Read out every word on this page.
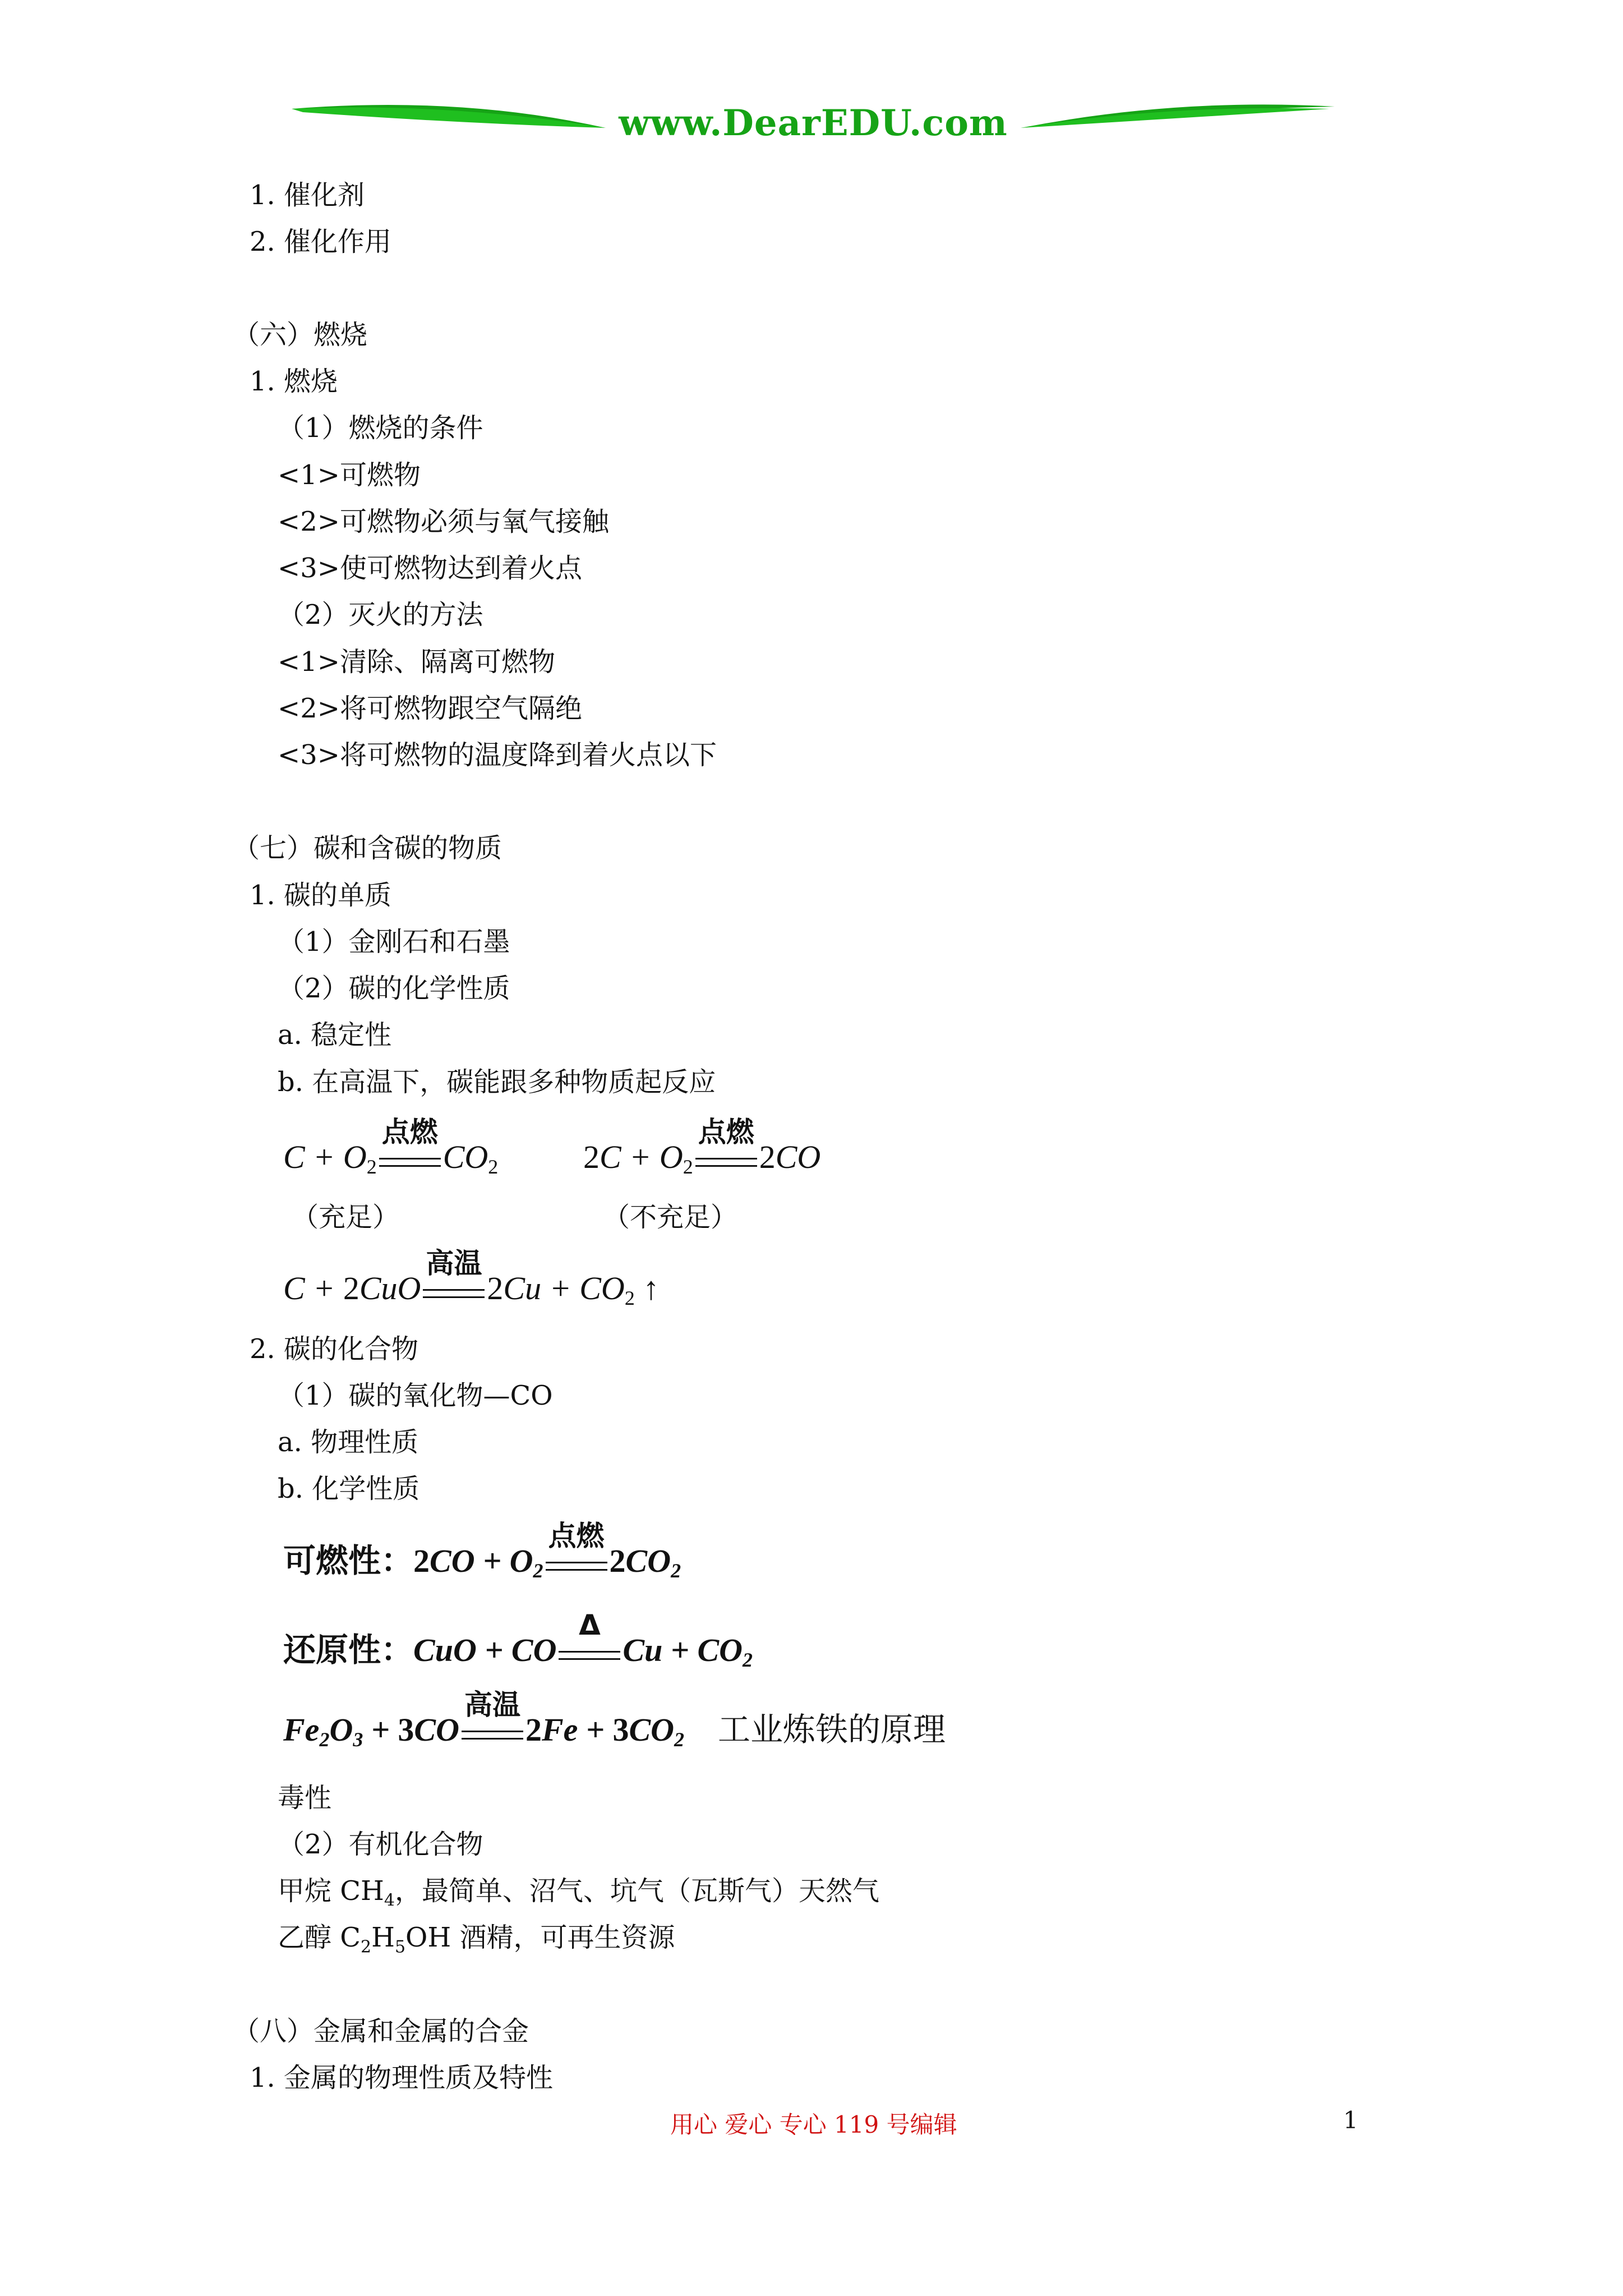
www.DearEDU.com
1. 催化剂
2. 催化作用
（六）燃烧
1. 燃烧
（1）燃烧的条件
<1>可燃物
<2>可燃物必须与氧气接触
<3>使可燃物达到着火点
（2）灭火的方法
<1>清除、隔离可燃物
<2>将可燃物跟空气隔绝
<3>将可燃物的温度降到着火点以下
（七）碳和含碳的物质
1. 碳的单质
（1）金刚石和石墨
（2）碳的化学性质
a. 稳定性
b. 在高温下，碳能跟多种物质起反应
$C + O_2$
点燃
$CO_2$	$2C + O_2$
点燃
2CO
（充足）	（不充足）
C + 2CuO
高温
$2Cu + CO_2$ ↑
2. 碳的化合物
（1）碳的氧化物—CO
a. 物理性质
b. 化学性质
可燃性：$2CO + O_2$
点燃
$2CO_2$
还原性：CuO + CO
Δ
$Cu + CO_2$
$Fe_2O_3 + 3CO$
高温
$2Fe + 3CO_2$ 工业炼铁的原理
毒性
（2）有机化合物
甲烷 $CH_4$，最简单、沼气、坑气（瓦斯气）天然气
乙醇 $C_2H_5OH$ 酒精，可再生资源
（八）金属和金属的合金
1. 金属的物理性质及特性
用心 爱心 专心 119 号编辑	1
